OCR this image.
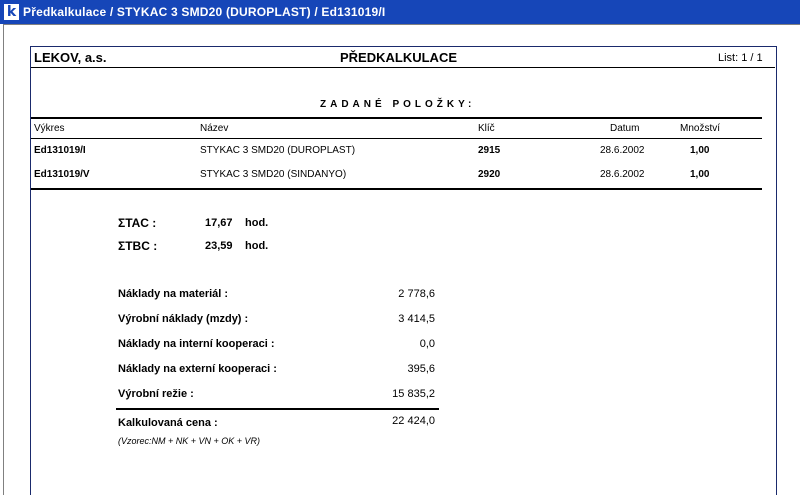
k Předkalkulace / STYKAC 3 SMD20 (DUROPLAST) / Ed131019/I
LEKOV, a.s.	PŘEDKALKULACE	List: 1 / 1
ZADANÉ POLOŽKY:
Výkres	Název	Klíč	Datum	Množství
Ed131019/I	STYKAC 3 SMD20 (DUROPLAST)	2915	28.6.2002	1,00
Ed131019/V	STYKAC 3 SMD20 (SINDANYO)	2920	28.6.2002	1,00
ΣTAC :	17,67	hod.
ΣTBC :	23,59	hod.
Náklady na materiál :	2 778,6
Výrobní náklady (mzdy) :	3 414,5
Náklady na interní kooperaci :	0,0
Náklady na externí kooperaci :	395,6
Výrobní režie :	15 835,2
Kalkulovaná cena :	22 424,0
(Vzorec:NM + NK + VN + OK + VR)
